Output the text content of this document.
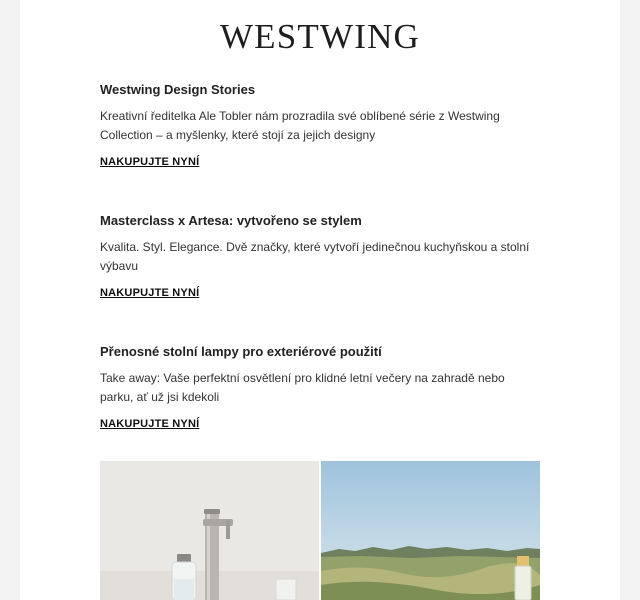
WESTWING
Westwing Design Stories

Kreativní ředitelka Ale Tobler nám prozradila své oblíbené série z Westwing Collection – a myšlenky, které stojí za jejich designy

NAKUPUJTE NYNÍ
Masterclass x Artesa: vytvořeno se stylem

Kvalita. Styl. Elegance. Dvě značky, které vytvoří jedinečnou kuchyňskou a stolní výbavu

NAKUPUJTE NYNÍ
Přenosné stolní lampy pro exteriérové použití

Take away: Vaše perfektní osvětlení pro klidné letní večery na zahradě nebo parku, ať už jsi kdekoli

NAKUPUJTE NYNÍ
